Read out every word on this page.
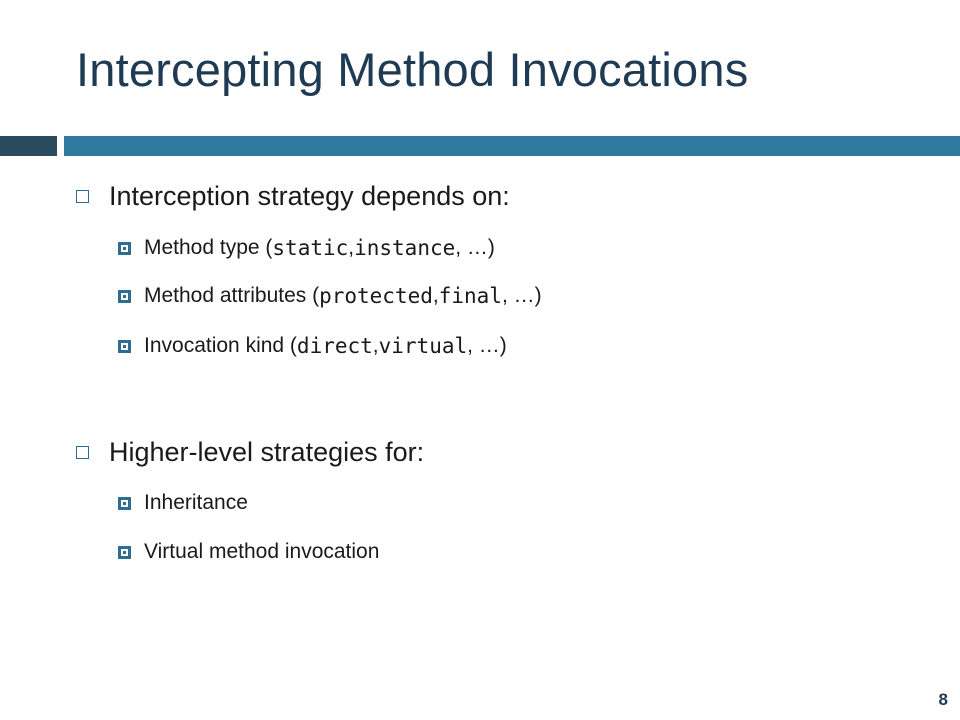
Intercepting Method Invocations
Interception strategy depends on:
Method type ( static , instance , …)
Method attributes ( protected , final , …)
Invocation kind ( direct , virtual , …)
Higher-level strategies for:
Inheritance
Virtual method invocation
8
